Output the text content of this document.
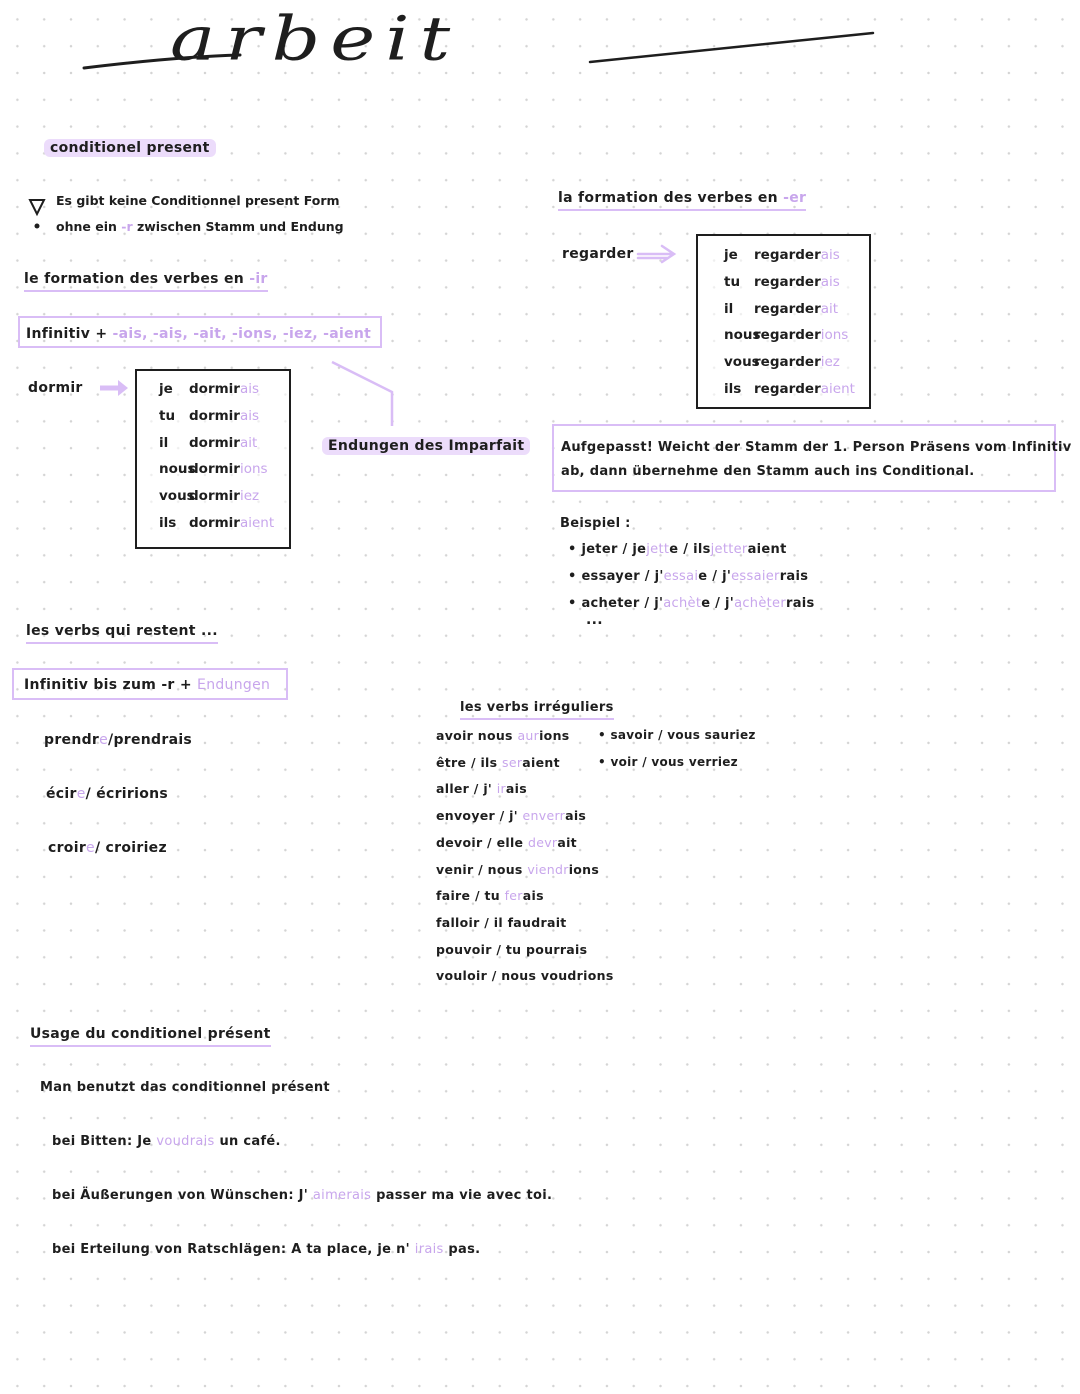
arbeit
conditionel present
Es gibt keine Conditionnel present Form
ohne ein -r zwischen Stamm und Endung
le formation des verbes en -ir
Infinitiv + -ais, -ais, -ait, -ions, -iez, -aient
dormir	je dormirais
tu dormirais
il dormirait
nousdormirions
vousdormiriez
ils dormiraient
Endungen des Imparfait
les verbs qui restent ...
Infinitiv bis zum -r + Endungen
prendre/prendrais
écire/ écririons
croire/ croiriez
la formation des verbes en -er
regarder	je regarderais
tu regarderais
il regarderait
nousregarderions
vousregarderiez
ils regarderaient
Aufgepasst! Weicht der Stamm der 1. Person Präsens vom Infinitiv
ab, dann übernehme den Stamm auch ins Conditional.
Beispiel :
• jeter / jejette / ilsjetteraient
• essayer / j'essaie / j'essaierrais
• acheter / j'achète / j'achèterrais
...
les verbs irréguliers
avoir nous aurions
être / ils seraient
aller / j' irais
envoyer / j' enverrais
devoir / elle devrait
venir / nous viendrions
faire / tu ferais
falloir / il faudrait
pouvoir / tu pourrais
vouloir / nous voudrions
• savoir / vous sauriez
• voir / vous verriez
Usage du conditionel présent
Man benutzt das conditionnel présent
bei Bitten: Je voudrais un café.
bei Äußerungen von Wünschen: J' aimerais passer ma vie avec toi.
bei Erteilung von Ratschlägen: A ta place, je n' irais pas.
